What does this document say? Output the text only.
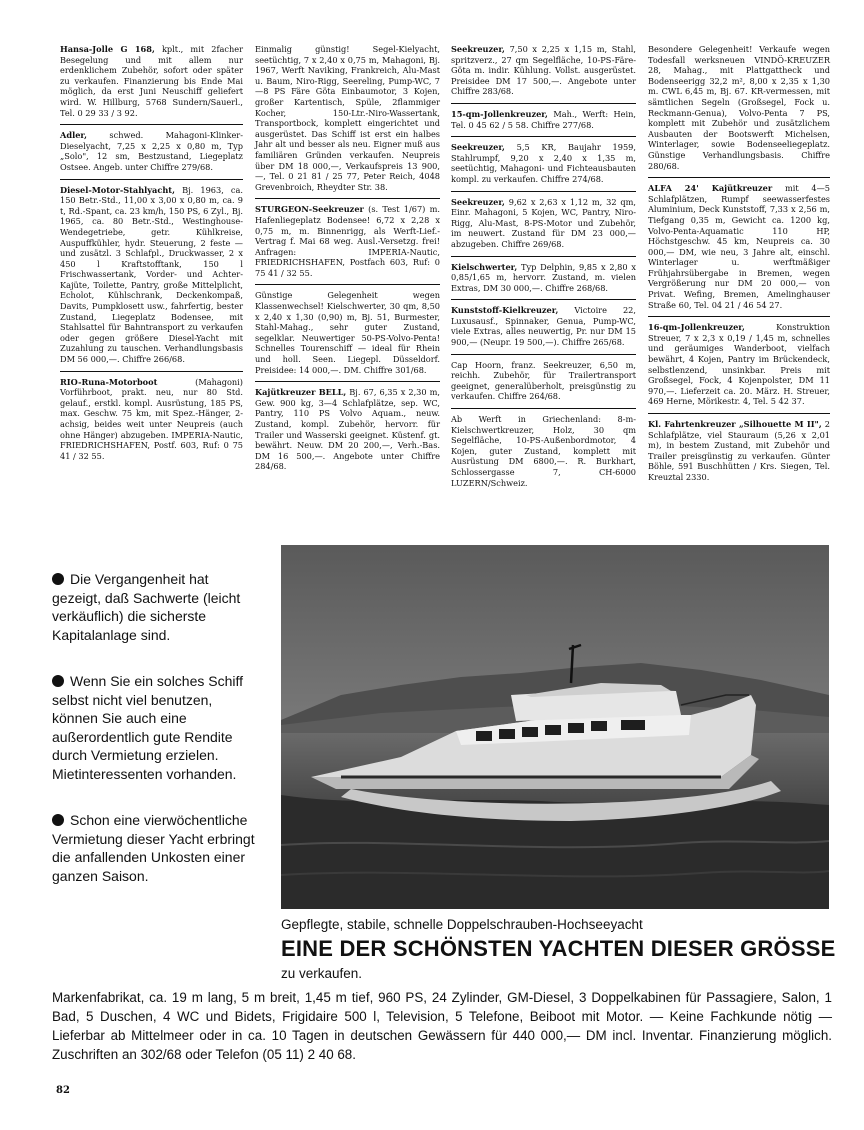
Hansa-Jolle G 168, kplt., mit 2facher Besegelung und mit allem nur erdenklichem Zubehör, sofort oder später zu verkaufen. Finanzierung bis Ende Mai möglich, da erst Juni Neuschiff geliefert wird. W. Hillburg, 5768 Sundern/Sauerl., Tel. 0 29 33 / 3 92.
Adler,	schwed. Mahagoni-Klinker-Dieselyacht, 7,25 x 2,25 x 0,80 m, Typ „Solo", 12 sm, Bestzustand, Liegeplatz Ostsee. Angeb. unter Chiffre 279/68.
Diesel-Motor-Stahlyacht, Bj. 1963, ca. 150 Betr.-Std., 11,00 x 3,00 x 0,80 m, ca. 9 t, Rd.-Spant, ca. 23 km/h, 150 PS, 6 Zyl., Bj. 1965, ca. 80 Betr.-Std., Westinghouse-Wendegetriebe, getr. Kühlkreise, Auspuffkühler, hydr. Steuerung, 2 feste — und zusätzl. 3 Schlafpl., Druckwasser, 2 x 450 l Kraftstofftank, 150 l Frischwassertank, Vorder- und Achter-Kajüte, Toilette, Pantry, große Mittelplicht, Echolot, Kühlschrank, Deckenkompaß, Davits, Pumpklosett usw., fahrfertig, bester Zustand, Liegeplatz Bodensee, mit Stahlsattel für Bahntransport zu verkaufen oder gegen größere Diesel-Yacht mit Zuzahlung zu tauschen. Verhandlungsbasis DM 56 000,—. Chiffre 266/68.
RIO-Runa-Motorboot	(Mahagoni) Vorführboot, prakt. neu, nur 80 Std. gelauf., erstkl. kompl. Ausrüstung, 185 PS, max. Geschw. 75 km, mit Spez.-Hänger, 2-achsig, beides weit unter Neupreis (auch ohne Hänger) abzugeben. IMPERIA-Nautic, FRIEDRICHSHAFEN, Postf. 603, Ruf: 0 75 41 / 32 55.
Einmalig günstig! Segel-Kielyacht, seetüchtig, 7 x 2,40 x 0,75 m, Mahagoni, Bj. 1967, Werft Naviking, Frankreich, Alu-Mast u. Baum, Niro-Rigg, Seereling, Pump-WC, 7—8 PS Färe Göta Einbaumotor, 3 Kojen, großer Kartentisch, Spüle, 2flammiger Kocher, 150-Ltr.-Niro-Wassertank, Transportbock, komplett eingerichtet und ausgerüstet. Das Schiff ist erst ein halbes Jahr alt und besser als neu. Eigner muß aus familiären Gründen verkaufen. Neupreis über DM 18 000,—, Verkaufspreis 13 900,—, Tel. 0 21 81 / 25 77, Peter Reich, 4048 Grevenbroich, Rheydter Str. 38.
STURGEON-Seekreuzer (s. Test 1/67) m. Hafenliegeplatz Bodensee! 6,72 x 2,28 x 0,75 m, m. Binnenrigg, als Werft-Lief.-Vertrag f. Mai 68 weg. Ausl.-Versetzg. frei! Anfragen: IMPERIA-Nautic, FRIEDRICHSHAFEN, Postfach 603, Ruf: 0 75 41 / 32 55.
Günstige Gelegenheit wegen Klassenwechsel! Kielschwerter, 30 qm, 8,50 x 2,40 x 1,30 (0,90) m, Bj. 51, Burmester, Stahl-Mahag., sehr guter Zustand, segelklar. Neuwertiger 50-PS-Volvo-Penta! Schnelles Tourenschiff — ideal für Rhein und holl. Seen. Liegepl. Düsseldorf. Preisidee: 14 000,—. DM. Chiffre 301/68.
Kajütkreuzer BELL, Bj. 67, 6,35 x 2,30 m, Gew. 900 kg, 3—4 Schlafplätze, sep. WC, Pantry, 110 PS Volvo Aquam., neuw. Zustand, kompl. Zubehör, hervorr. für Trailer und Wasserski geeignet. Küstenf. gt. bewährt. Neuw. DM 20 200,—, Verh.-Bas. DM 16 500,—. Angebote unter Chiffre 284/68.
Seekreuzer, 7,50 x 2,25 x 1,15 m, Stahl, spritzverz., 27 qm Segelfläche, 10-PS-Färe-Göta m. indir. Kühlung. Vollst. ausgerüstet. Preisidee DM 17 500,—. Angebote unter Chiffre 283/68.
15-qm-Jollenkreuzer, Mah., Werft: Hein, Tel. 0 45 62 / 5 58. Chiffre 277/68.
Seekreuzer, 5,5 KR, Baujahr 1959, Stahlrumpf, 9,20 x 2,40 x 1,35 m, seetüchtig, Mahagoni- und Fichteausbauten kompl. zu verkaufen. Chiffre 274/68.
Seekreuzer, 9,62 x 2,63 x 1,12 m, 32 qm, Einr. Mahagoni, 5 Kojen, WC, Pantry, Niro-Rigg, Alu-Mast, 8-PS-Motor und Zubehör, im neuwert. Zustand für DM 23 000,— abzugeben. Chiffre 269/68.
Kielschwerter, Typ Delphin, 9,85 x 2,80 x 0,85/1,65 m, hervorr. Zustand, m. vielen Extras, DM 30 000,—. Chiffre 268/68.
Kunststoff-Kielkreuzer, Victoire 22, Luxusausf., Spinnaker, Genua, Pump-WC, viele Extras, alles neuwertig, Pr. nur DM 15 900,— (Neupr. 19 500,—). Chiffre 265/68.
Cap Hoorn, franz. Seekreuzer, 6,50 m, reichh. Zubehör, für Trailertransport geeignet, generalüberholt, preisgünstig zu verkaufen. Chiffre 264/68.
Ab Werft in Griechenland: 8-m-Kielschwertkreuzer, Holz, 30 qm Segelfläche, 10-PS-Außenbordmotor, 4 Kojen, guter Zustand, komplett mit Ausrüstung DM 6800,—. R. Burkhart, Schlossergasse 7, CH-6000 LUZERN/Schweiz.
Besondere Gelegenheit! Verkaufe wegen Todesfall werksneuen VINDÖ-KREUZER 28, Mahag., mit Plattgattheck und Bodenseerigg 32,2 m², 8,00 x 2,35 x 1,30 m. CWL 6,45 m, Bj. 67. KR-vermessen, mit sämtlichen Segeln (Großsegel, Fock u. Reckmann-Genua), Volvo-Penta 7 PS, komplett mit Zubehör und zusätzlichem Ausbauten der Bootswerft Michelsen, Winterlager, sowie Bodenseeliegeplatz. Günstige Verhandlungsbasis. Chiffre 280/68.
ALFA 24' Kajütkreuzer mit 4—5 Schlafplätzen, Rumpf seewasserfestes Aluminium, Deck Kunststoff, 7,33 x 2,56 m, Tiefgang 0,35 m, Gewicht ca. 1200 kg, Volvo-Penta-Aquamatic 110 HP, Höchstgeschw. 45 km, Neupreis ca. 30 000,— DM, wie neu, 3 Jahre alt, einschl. Winterlager u. werftmäßiger Frühjahrsübergabe in Bremen, wegen Vergrößerung nur DM 20 000,— von Privat. Wefing, Bremen, Amelinghauser Straße 60, Tel. 04 21 / 46 54 27.
16-qm-Jollenkreuzer,	Konstruktion Streuer, 7 x 2,3 x 0,19 / 1,45 m, schnelles und geräumiges Wanderboot, vielfach bewährt, 4 Kojen, Pantry im Brückendeck, selbstlenzend, unsinkbar. Preis mit Großsegel, Fock, 4 Kojenpolster, DM 11 970,—. Lieferzeit ca. 20. März. H. Streuer, 469 Herne, Mörikestr. 4, Tel. 5 42 37.
Kl. Fahrtenkreuzer „Silhouette M II", 2 Schlafplätze, viel Stauraum (5,26 x 2,01 m), in bestem Zustand, mit Zubehör und Trailer preisgünstig zu verkaufen. Günter Böhle, 591 Buschhütten / Krs. Siegen, Tel. Kreuztal 2330.
Die Vergangenheit hat gezeigt, daß Sachwerte (leicht verkäuflich) die sicherste Kapitalanlage sind.
Wenn Sie ein solches Schiff selbst nicht viel benutzen, können Sie auch eine außerordentlich gute Rendite durch Vermietung erzielen. Mietinteressenten vorhanden.
Schon eine vierwöchentliche Vermietung dieser Yacht erbringt die anfallenden Unkosten einer ganzen Saison.
Gepflegte, stabile, schnelle Doppelschrauben-Hochseeyacht
EINE DER SCHÖNSTEN YACHTEN DIESER GRÖSSE
zu verkaufen.
Markenfabrikat, ca. 19 m lang, 5 m breit, 1,45 m tief, 960 PS, 24 Zylinder, GM-Diesel, 3 Doppelkabinen für Passagiere, Salon, 1 Bad, 5 Duschen, 4 WC und Bidets, Frigidaire 500 l, Television, 5 Telefone, Beiboot mit Motor. — Keine Fachkunde nötig — Lieferbar ab Mittelmeer oder in ca. 10 Tagen in deutschen Gewässern für 440 000,— DM incl. Inventar. Finanzierung möglich. Zuschriften an 302/68 oder Telefon (05 11) 2 40 68.
82
